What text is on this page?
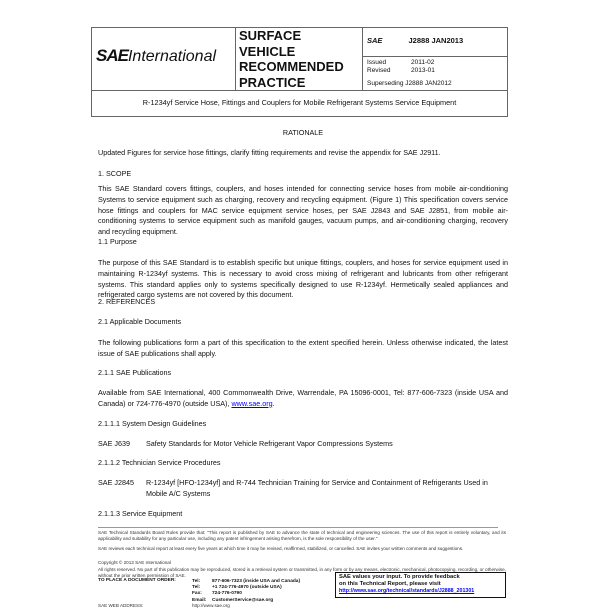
SAEInternational
SURFACE
VEHICLE
RECOMMENDED
PRACTICE
SAE	J2888 JAN2013
Issued	2011-02
Revised	2013-01
Superseding J2888 JAN2012
R-1234yf Service Hose, Fittings and Couplers for Mobile Refrigerant Systems Service Equipment
RATIONALE
Updated Figures for service hose fittings, clarify fitting requirements and revise the appendix for SAE J2911.
1. SCOPE
This SAE Standard covers fittings, couplers, and hoses intended for connecting service hoses from mobile air-conditioning Systems to service equipment such as charging, recovery and recycling equipment. (Figure 1) This specification covers service hose fittings and couplers for MAC service equipment service hoses, per SAE J2843 and SAE J2851, from mobile air-conditioning systems to service equipment such as manifold gauges, vacuum pumps, and air-conditioning charging, recovery and recycling equipment.
1.1 Purpose
The purpose of this SAE Standard is to establish specific but unique fittings, couplers, and hoses for service equipment used in maintaining R-1234yf systems. This is necessary to avoid cross mixing of refrigerant and lubricants from other refrigerant systems. This standard applies only to systems specifically designed to use R-1234yf. Hermetically sealed appliances and refrigerated cargo systems are not covered by this document.
2. REFERENCES
2.1 Applicable Documents
The following publications form a part of this specification to the extent specified herein. Unless otherwise indicated, the latest issue of SAE publications shall apply.
2.1.1 SAE Publications
Available from SAE International, 400 Commonwealth Drive, Warrendale, PA 15096-0001, Tel: 877-606-7323 (inside USA and Canada) or 724-776-4970 (outside USA), www.sae.org.
2.1.1.1 System Design Guidelines
SAE J639 Safety Standards for Motor Vehicle Refrigerant Vapor Compressions Systems
2.1.1.2 Technician Service Procedures
SAE J2845	R-1234yf [HFO-1234yf] and R-744 Technician Training for Service and Containment of Refrigerants Used in Mobile A/C Systems
2.1.1.3 Service Equipment
SAE Technical Standards Board Rules provide that: "This report is published by SAE to advance the state of technical and engineering sciences. The use of this report is entirely voluntary, and its applicability and suitability for any particular use, including any patent infringement arising therefrom, is the sole responsibility of the user."
SAE reviews each technical report at least every five years at which time it may be revised, reaffirmed, stabilized, or cancelled. SAE invites your written comments and suggestions.
Copyright © 2013 SAE International
All rights reserved. No part of this publication may be reproduced, stored in a retrieval system or transmitted, in any form or by any means, electronic, mechanical, photocopying, recording, or otherwise, without the prior written permission of SAE.
TO PLACE A DOCUMENT ORDER:	Tel: 877-606-7323 (inside USA and Canada)
Tel: +1 724-776-4970 (outside USA)
Fax: 724-776-0790
Email: CustomerService@sae.org
SAE WEB ADDRESS:	http://www.sae.org
SAE values your input. To provide feedback
on this Technical Report, please visit
http://www.sae.org/technical/standards/J2888_201301
